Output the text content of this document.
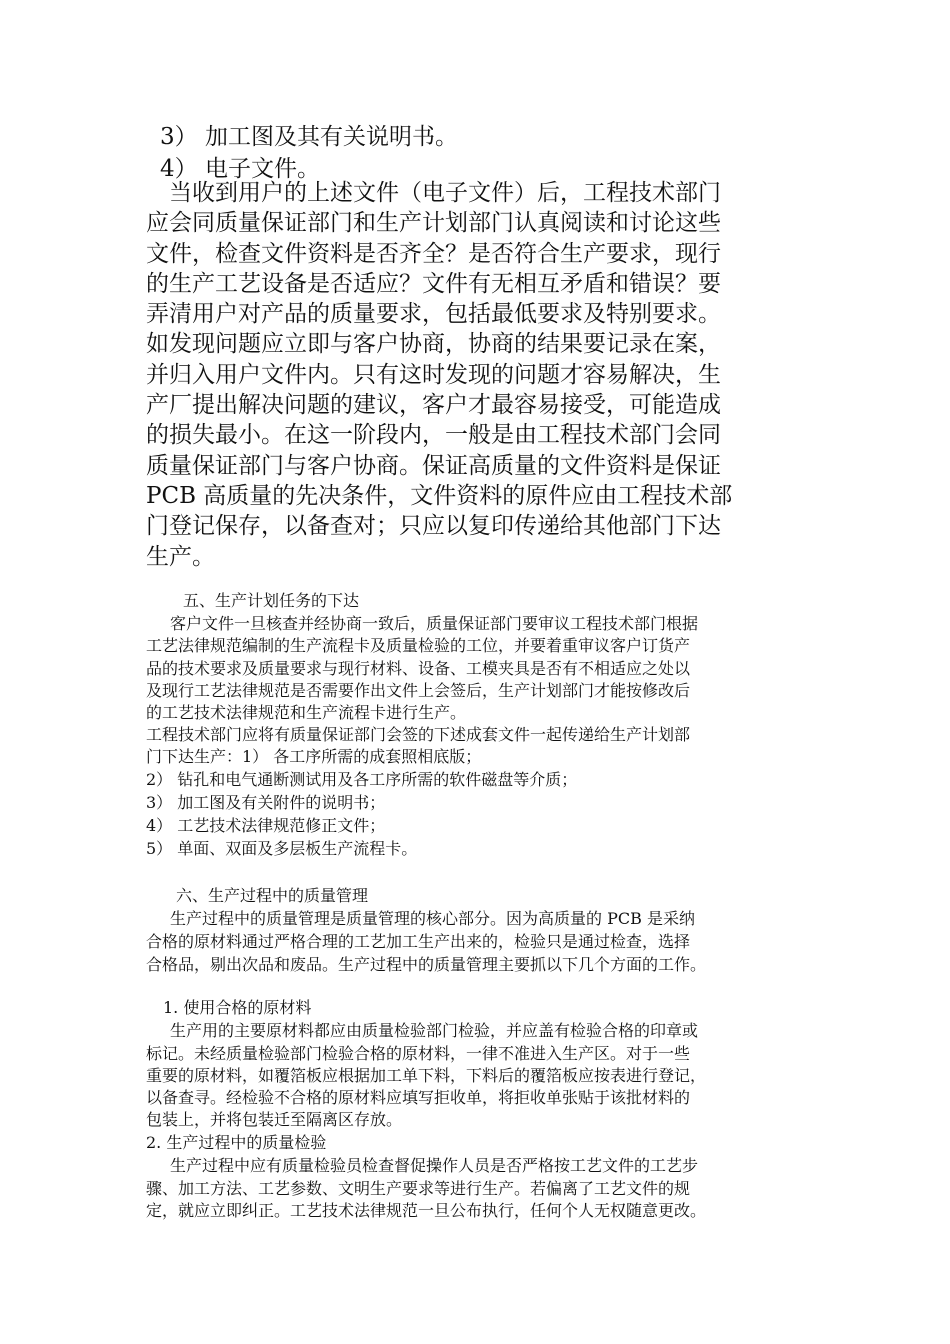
3） 加工图及其有关说明书。
4） 电子文件。
　当收到用户的上述文件（电子文件）后，工程技术部门
应会同质量保证部门和生产计划部门认真阅读和讨论这些
文件，检查文件资料是否齐全？是否符合生产要求，现行
的生产工艺设备是否适应？文件有无相互矛盾和错误？要
弄清用户对产品的质量要求，包括最低要求及特别要求。
如发现问题应立即与客户协商，协商的结果要记录在案，
并归入用户文件内。只有这时发现的问题才容易解决，生
产厂提出解决问题的建议，客户才最容易接受，可能造成
的损失最小。在这一阶段内，一般是由工程技术部门会同
质量保证部门与客户协商。保证高质量的文件资料是保证
PCB 高质量的先决条件，文件资料的原件应由工程技术部
门登记保存，以备查对；只应以复印传递给其他部门下达
生产。
五、生产计划任务的下达
客户文件一旦核查并经协商一致后，质量保证部门要审议工程技术部门根据
工艺法律规范编制的生产流程卡及质量检验的工位，并要着重审议客户订货产
品的技术要求及质量要求与现行材料、设备、工模夹具是否有不相适应之处以
及现行工艺法律规范是否需要作出文件上会签后，生产计划部门才能按修改后
的工艺技术法律规范和生产流程卡进行生产。
工程技术部门应将有质量保证部门会签的下述成套文件一起传递给生产计划部
门下达生产：1） 各工序所需的成套照相底版；
2） 钻孔和电气通断测试用及各工序所需的软件磁盘等介质；
3） 加工图及有关附件的说明书；
4） 工艺技术法律规范修正文件；
5） 单面、双面及多层板生产流程卡。
六、生产过程中的质量管理
生产过程中的质量管理是质量管理的核心部分。因为高质量的 PCB 是采纳
合格的原材料通过严格合理的工艺加工生产出来的，检验只是通过检查，选择
合格品，剔出次品和废品。生产过程中的质量管理主要抓以下几个方面的工作。
1. 使用合格的原材料
生产用的主要原材料都应由质量检验部门检验，并应盖有检验合格的印章或
标记。未经质量检验部门检验合格的原材料，一律不准进入生产区。对于一些
重要的原材料，如覆箔板应根据加工单下料，下料后的覆箔板应按表进行登记，
以备查寻。经检验不合格的原材料应填写拒收单，将拒收单张贴于该批材料的
包装上，并将包装迁至隔离区存放。
2. 生产过程中的质量检验
生产过程中应有质量检验员检查督促操作人员是否严格按工艺文件的工艺步
骤、加工方法、工艺参数、文明生产要求等进行生产。若偏离了工艺文件的规
定，就应立即纠正。工艺技术法律规范一旦公布执行，任何个人无权随意更改。
